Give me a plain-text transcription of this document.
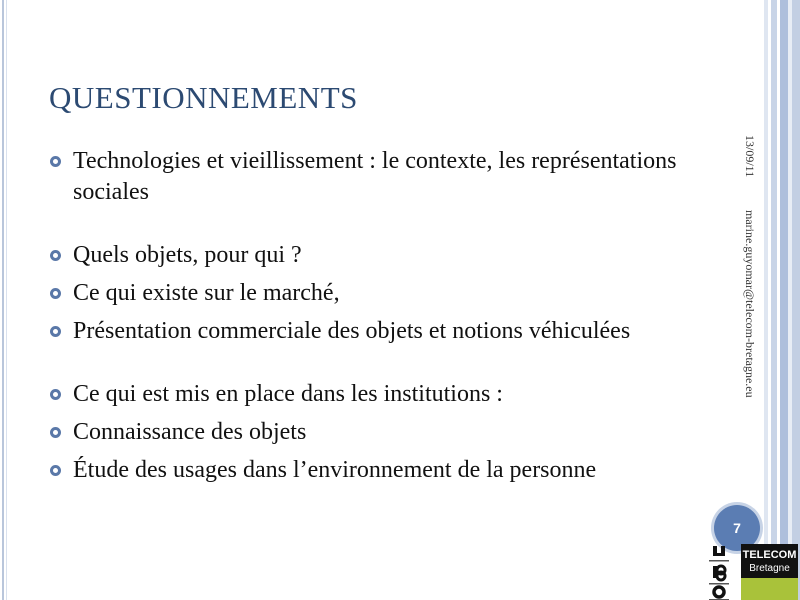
QUESTIONNEMENTS
Technologies et vieillissement : le contexte, les représentations sociales
Quels objets, pour qui ?
Ce qui existe sur le marché,
Présentation commerciale des objets et notions véhiculées
Ce qui est mis en place dans les institutions :
Connaissance des objets
Étude des usages dans l’environnement de la personne
13/09/11
marine.guyomar@telecom-bretagne.eu
7
TELECOM
Bretagne
